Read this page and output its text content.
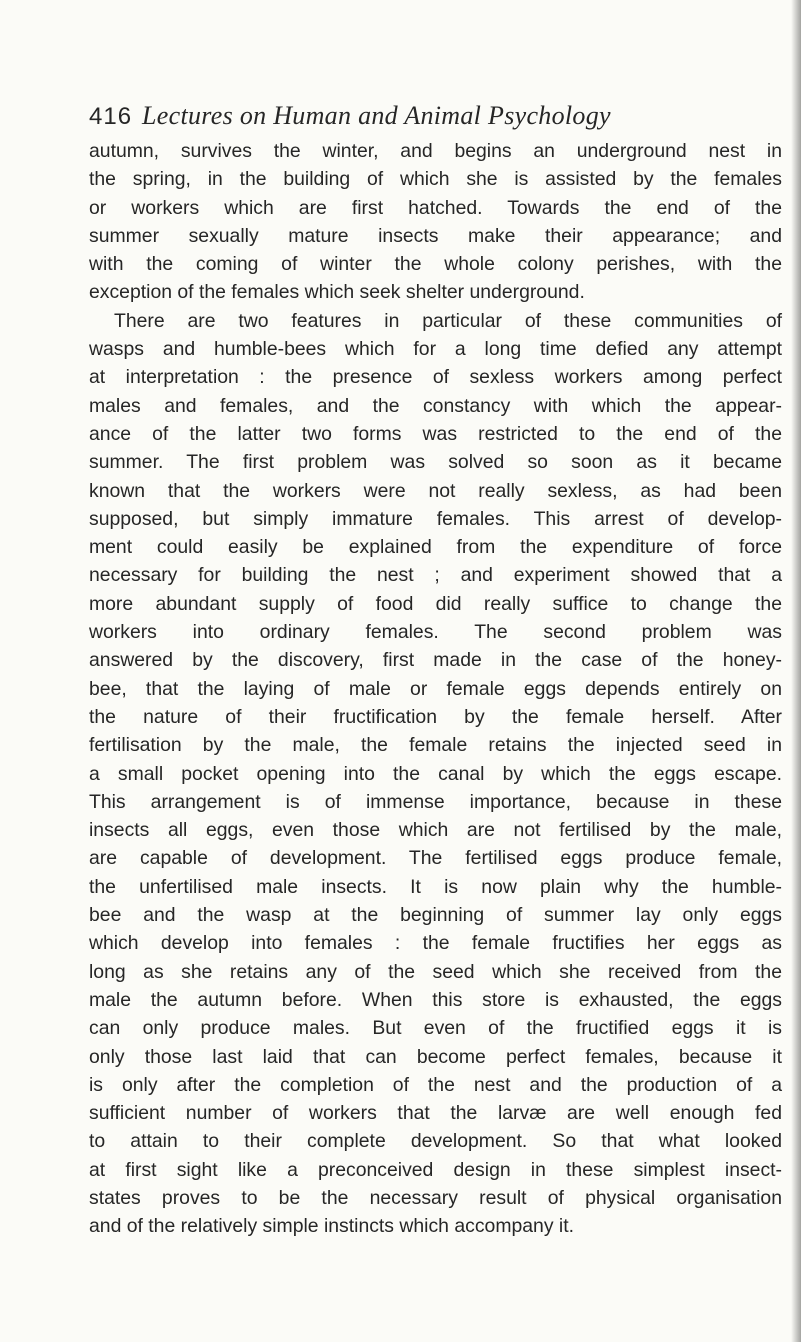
416 Lectures on Human and Animal Psychology
autumn, survives the winter, and begins an underground nest in
the spring, in the building of which she is assisted by the females
or workers which are first hatched. Towards the end of the
summer sexually mature insects make their appearance; and
with the coming of winter the whole colony perishes, with the
exception of the females which seek shelter underground.
There are two features in particular of these communities of
wasps and humble-bees which for a long time defied any attempt
at interpretation : the presence of sexless workers among perfect
males and females, and the constancy with which the appear-
ance of the latter two forms was restricted to the end of the
summer. The first problem was solved so soon as it became
known that the workers were not really sexless, as had been
supposed, but simply immature females. This arrest of develop-
ment could easily be explained from the expenditure of force
necessary for building the nest ; and experiment showed that a
more abundant supply of food did really suffice to change the
workers into ordinary females. The second problem was
answered by the discovery, first made in the case of the honey-
bee, that the laying of male or female eggs depends entirely on
the nature of their fructification by the female herself. After
fertilisation by the male, the female retains the injected seed in
a small pocket opening into the canal by which the eggs escape.
This arrangement is of immense importance, because in these
insects all eggs, even those which are not fertilised by the male,
are capable of development. The fertilised eggs produce female,
the unfertilised male insects. It is now plain why the humble-
bee and the wasp at the beginning of summer lay only eggs
which develop into females : the female fructifies her eggs as
long as she retains any of the seed which she received from the
male the autumn before. When this store is exhausted, the eggs
can only produce males. But even of the fructified eggs it is
only those last laid that can become perfect females, because it
is only after the completion of the nest and the production of a
sufficient number of workers that the larvæ are well enough fed
to attain to their complete development. So that what looked
at first sight like a preconceived design in these simplest insect-
states proves to be the necessary result of physical organisation
and of the relatively simple instincts which accompany it.
